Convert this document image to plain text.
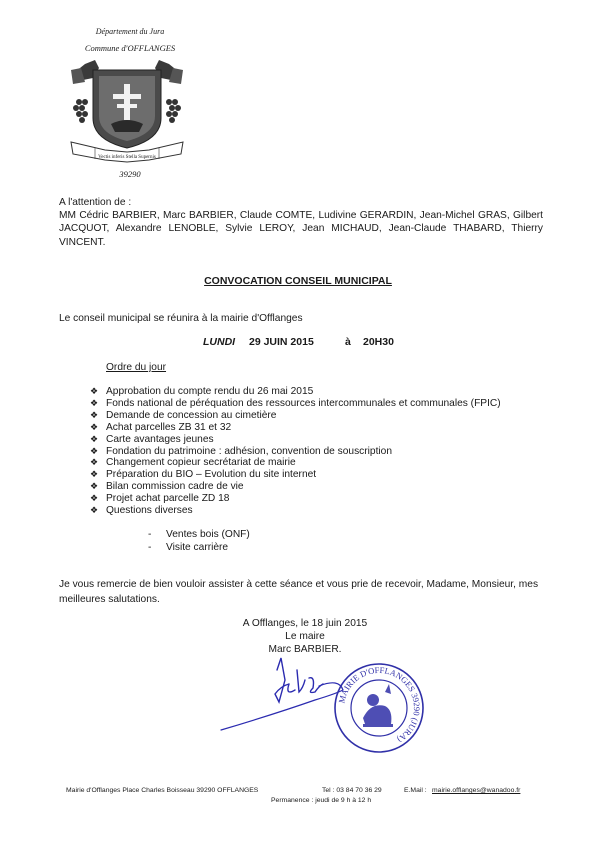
Département du Jura
Commune d'OFFLANGES
Vectis inferis Stella Supernis
39290
A l'attention de :
MM Cédric BARBIER, Marc BARBIER, Claude COMTE, Ludivine GERARDIN, Jean-Michel GRAS, Gilbert JACQUOT, Alexandre LENOBLE, Sylvie LEROY, Jean MICHAUD, Jean-Claude THABARD, Thierry VINCENT.
CONVOCATION CONSEIL MUNICIPAL
Le conseil municipal se réunira à la mairie d'Offlanges
LUNDI 29 JUIN 2015	à 20H30
Ordre du jour
❖ Approbation du compte rendu du 26 mai 2015
❖ Fonds national de péréquation des ressources intercommunales et communales (FPIC)
❖ Demande de concession au cimetière
❖ Achat parcelles ZB 31 et 32
❖ Carte avantages jeunes
❖ Fondation du patrimoine : adhésion, convention de souscription
❖ Changement copieur secrétariat de mairie
❖ Préparation du BIO – Evolution du site internet
❖ Bilan commission cadre de vie
❖ Projet achat parcelle ZD 18
❖ Questions diverses
- Ventes bois (ONF)
- Visite carrière
Je vous remercie de bien vouloir assister à cette séance et vous prie de recevoir, Madame, Monsieur, mes meilleures salutations.
A Offlanges, le 18 juin 2015
Le maire
Marc BARBIER.
MAIRIE D'OFFLANGES 39290 (JURA)
Mairie d'Offlanges Place Charles Boisseau 39290 OFFLANGES	Tel : 03 84 70 36 29	E.Mail : mairie.offlanges@wanadoo.fr
Permanence : jeudi de 9 h à 12 h
